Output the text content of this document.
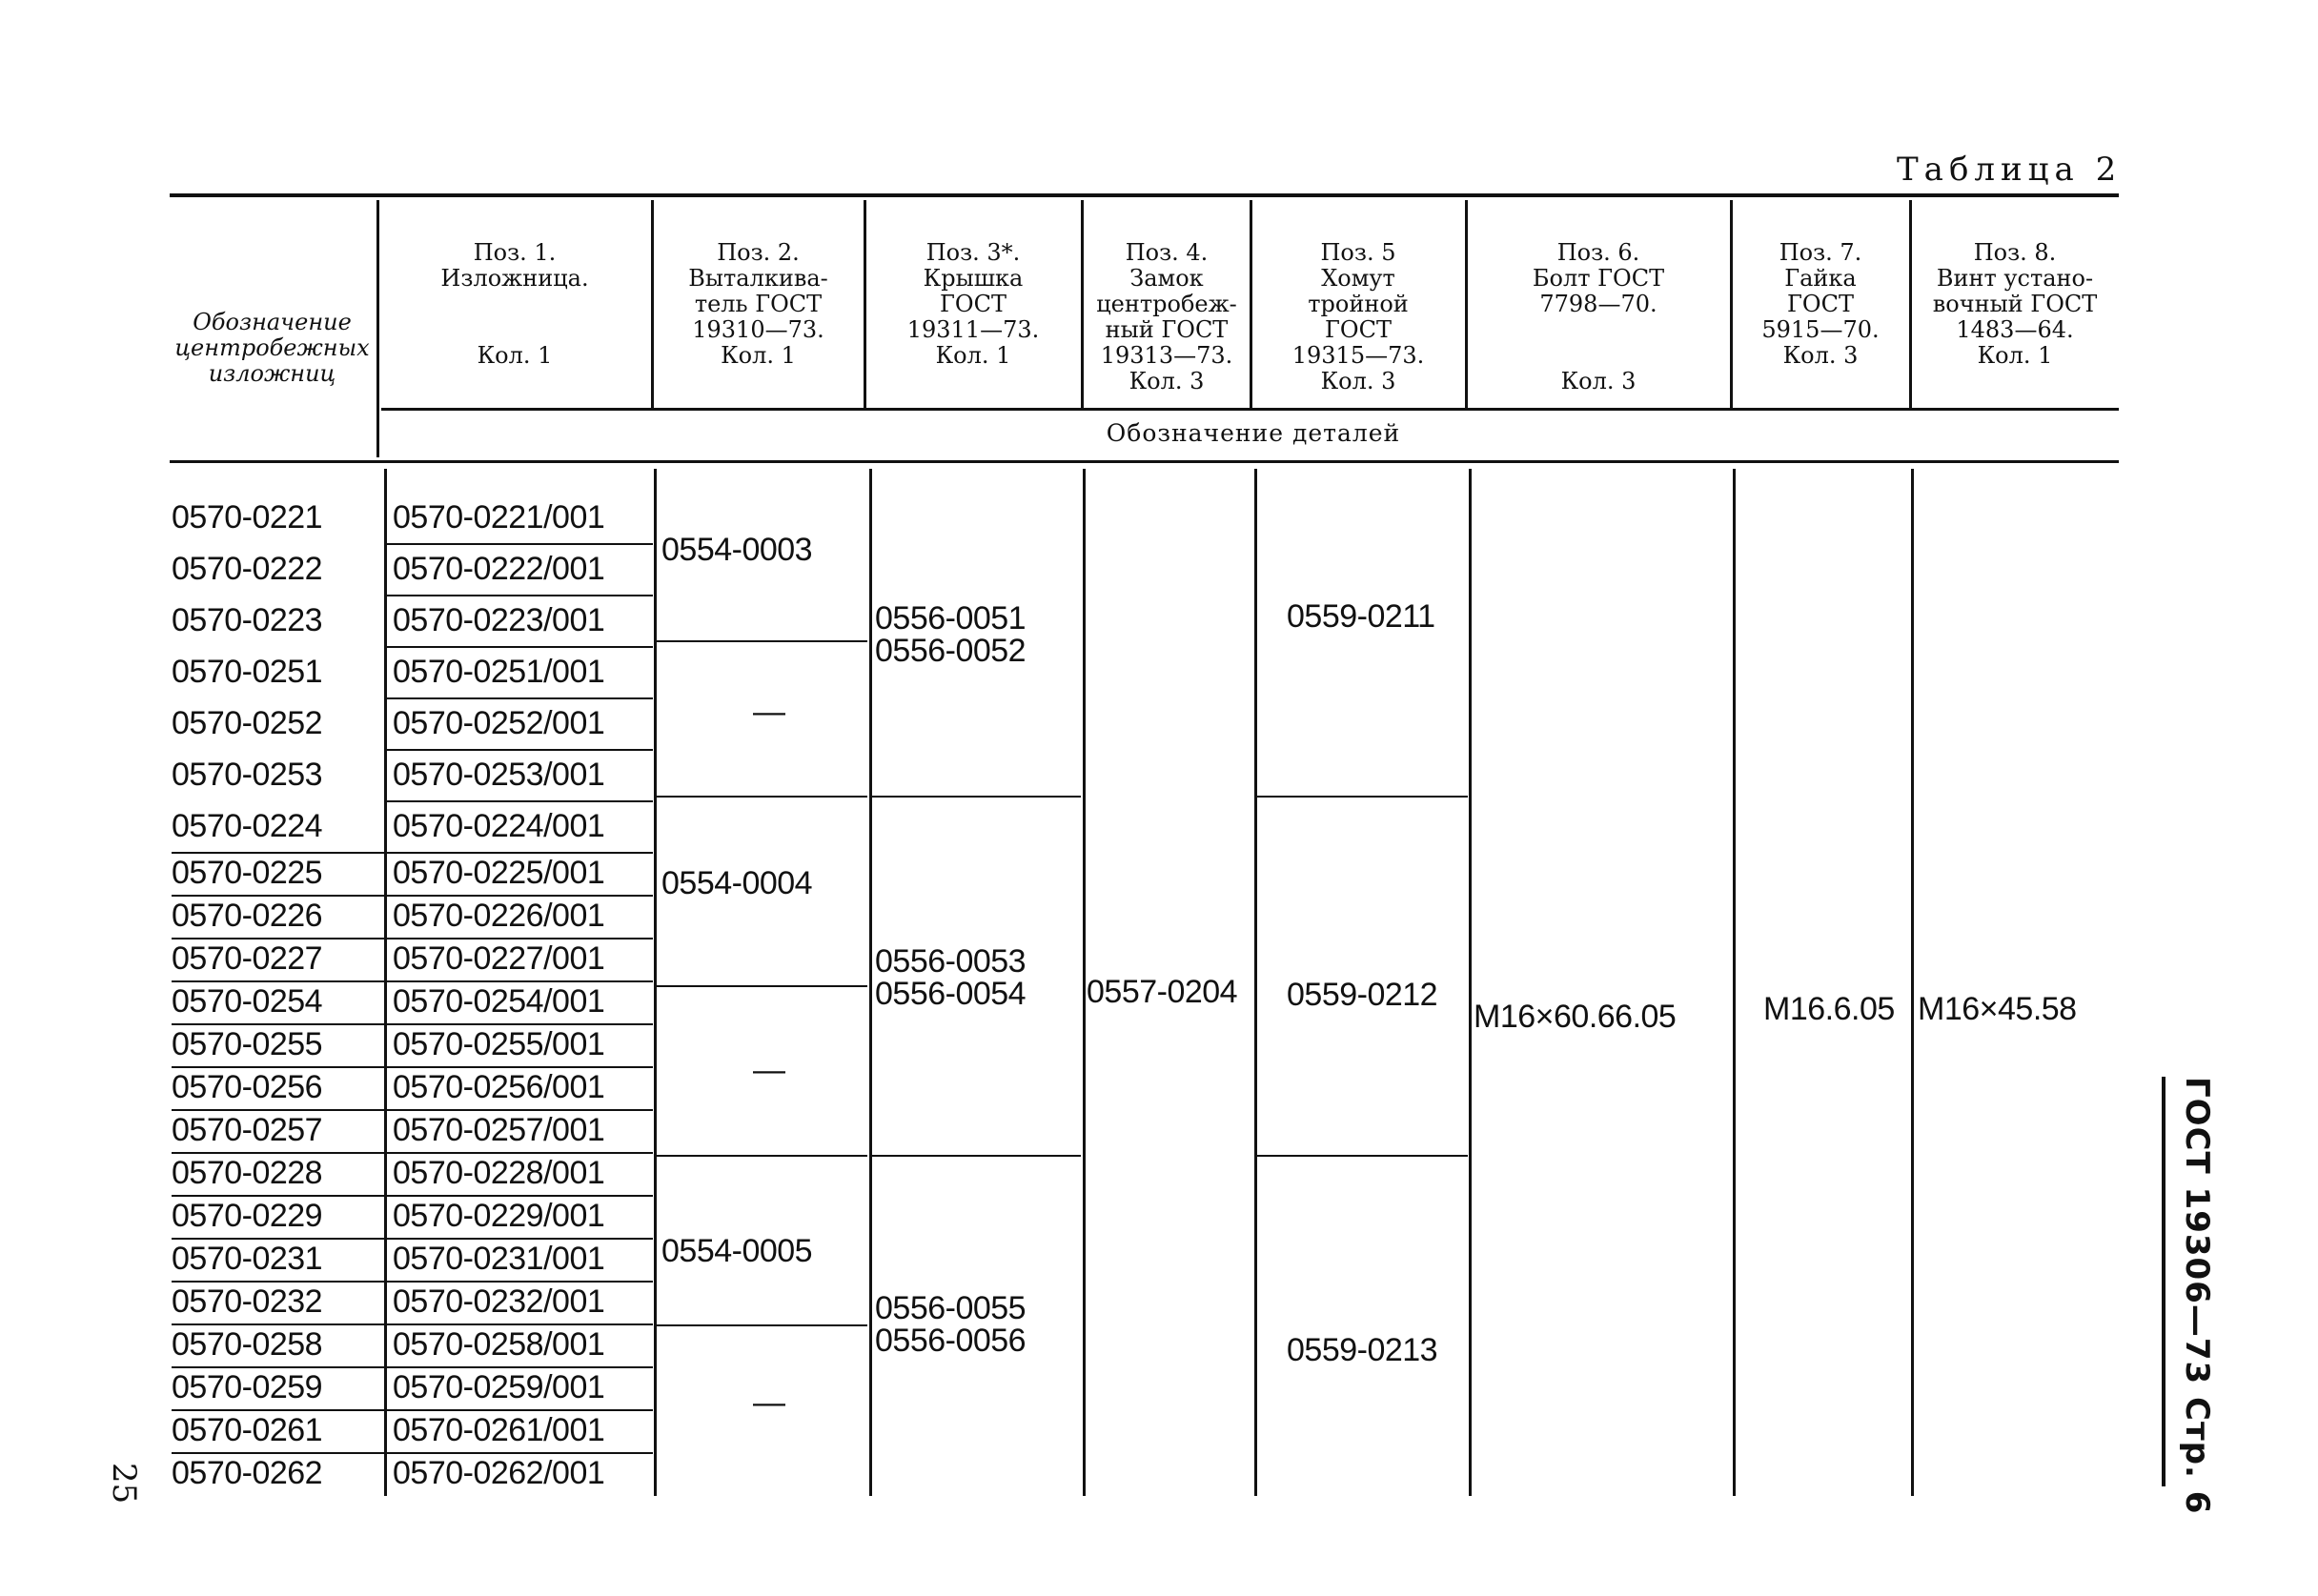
Таблица 2
Обозначение
центробежных
изложниц
Поз. 1.
Изложница.

Кол. 1
Поз. 2.
Выталкива-
тель ГОСТ
19310—73.
Кол. 1
Поз. 3*.
Крышка
ГОСТ
19311—73.
Кол. 1
Поз. 4.
Замок
центробеж-
ный ГОСТ
19313—73.
Кол. 3
Поз. 5
Хомут
тройной
ГОСТ
19315—73.
Кол. 3
Поз. 6.
Болт ГОСТ
7798—70.

Кол. 3
Поз. 7.
Гайка
ГОСТ
5915—70.
Кол. 3
Поз. 8.
Винт устано-
вочный ГОСТ
1483—64.
Кол. 1
Обозначение деталей
0570-0221
0570-0222
0570-0223
0570-0251
0570-0252
0570-0253
0570-0224
0570-0225
0570-0226
0570-0227
0570-0254
0570-0255
0570-0256
0570-0257
0570-0228
0570-0229
0570-0231
0570-0232
0570-0258
0570-0259
0570-0261
0570-0262
0570-0221/001
0570-0222/001
0570-0223/001
0570-0251/001
0570-0252/001
0570-0253/001
0570-0224/001
0570-0225/001
0570-0226/001
0570-0227/001
0570-0254/001
0570-0255/001
0570-0256/001
0570-0257/001
0570-0228/001
0570-0229/001
0570-0231/001
0570-0232/001
0570-0258/001
0570-0259/001
0570-0261/001
0570-0262/001
0554-0003
—
0554-0004
—
0554-0005
—
0556-0051
0556-0052
0556-0053
0556-0054
0556-0055
0556-0056
0557-0204
0559-0211
0559-0212
0559-0213
M16×60.66.05	M16.6.05 M16×45.58
ГОСТ 19306—73 Стр. 6
25
